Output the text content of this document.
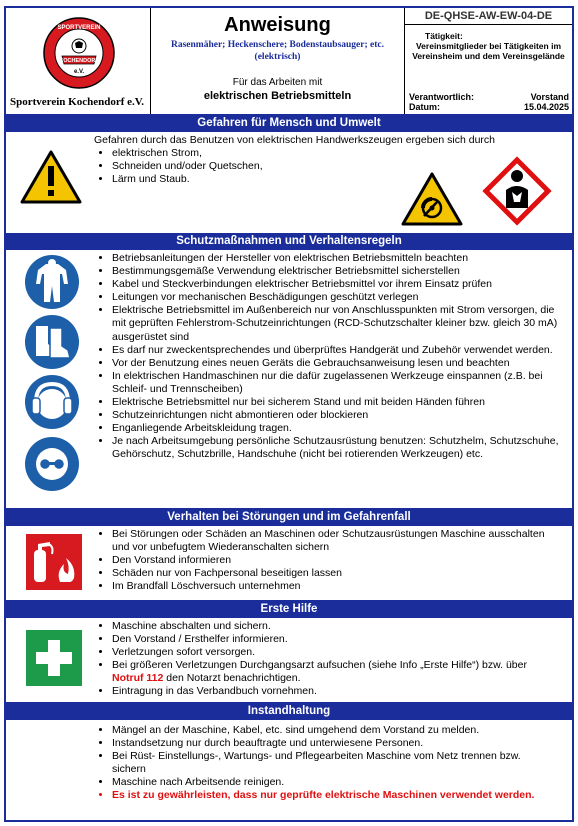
SPORTVEREIN
KOCHENDORF
e.V.
Sportverein Kochendorf e.V.
Anweisung
Rasenmäher; Heckenschere; Bodenstaubsauger; etc. (elektrisch)
Für das Arbeiten mit
elektrischen Betriebsmitteln
DE-QHSE-AW-EW-04-DE
Tätigkeit:
Vereinsmitglieder bei Tätigkeiten im Vereinsheim und dem Vereinsgelände
Verantwortlich:	Vorstand
Datum:	15.04.2025
Gefahren für Mensch und Umwelt
Gefahren durch das Benutzen von elektrischen Handwerkszeugen ergeben sich durch
• elektrischen Strom,
• Schneiden und/oder Quetschen,
• Lärm und Staub.
Schutzmaßnahmen und Verhaltensregeln
• Betriebsanleitungen der Hersteller von elektrischen Betriebsmitteln beachten
• Bestimmungsgemäße Verwendung elektrischer Betriebsmittel sicherstellen
• Kabel und Steckverbindungen elektrischer Betriebsmittel vor ihrem Einsatz prüfen
• Leitungen vor mechanischen Beschädigungen geschützt verlegen
• Elektrische Betriebsmittel im Außenbereich nur von Anschlusspunkten mit Strom versorgen, die mit geprüften Fehlerstrom-Schutzeinrichtungen (RCD-Schutzschalter kleiner bzw. gleich 30 mA) ausgerüstet sind
• Es darf nur zweckentsprechendes und überprüftes Handgerät und Zubehör verwendet werden.
• Vor der Benutzung eines neuen Geräts die Gebrauchsanweisung lesen und beachten
• In elektrischen Handmaschinen nur die dafür zugelassenen Werkzeuge einspannen (z.B. bei Schleif- und Trennscheiben)
• Elektrische Betriebsmittel nur bei sicherem Stand und mit beiden Händen führen
• Schutzeinrichtungen nicht abmontieren oder blockieren
• Enganliegende Arbeitskleidung tragen.
• Je nach Arbeitsumgebung persönliche Schutzausrüstung benutzen: Schutzhelm, Schutzschuhe, Gehörschutz, Schutzbrille, Handschuhe (nicht bei rotierenden Werkzeugen) etc.
Verhalten bei Störungen und im Gefahrenfall
• Bei Störungen oder Schäden an Maschinen oder Schutzausrüstungen Maschine ausschalten und vor unbefugtem Wiederanschalten sichern
• Den Vorstand informieren
• Schäden nur von Fachpersonal beseitigen lassen
• Im Brandfall Löschversuch unternehmen
Erste Hilfe
• Maschine abschalten und sichern.
• Den Vorstand / Ersthelfer informieren.
• Verletzungen sofort versorgen.
• Bei größeren Verletzungen Durchgangsarzt aufsuchen (siehe Info „Erste Hilfe“) bzw. über Notruf 112 den Notarzt benachrichtigen.
• Eintragung in das Verbandbuch vornehmen.
Instandhaltung
• Mängel an der Maschine, Kabel, etc. sind umgehend dem Vorstand zu melden.
• Instandsetzung nur durch beauftragte und unterwiesene Personen.
• Bei Rüst- Einstellungs-, Wartungs- und Pflegearbeiten Maschine vom Netz trennen bzw. sichern
• Maschine nach Arbeitsende reinigen.
• Es ist zu gewährleisten, dass nur geprüfte elektrische Maschinen verwendet werden.
